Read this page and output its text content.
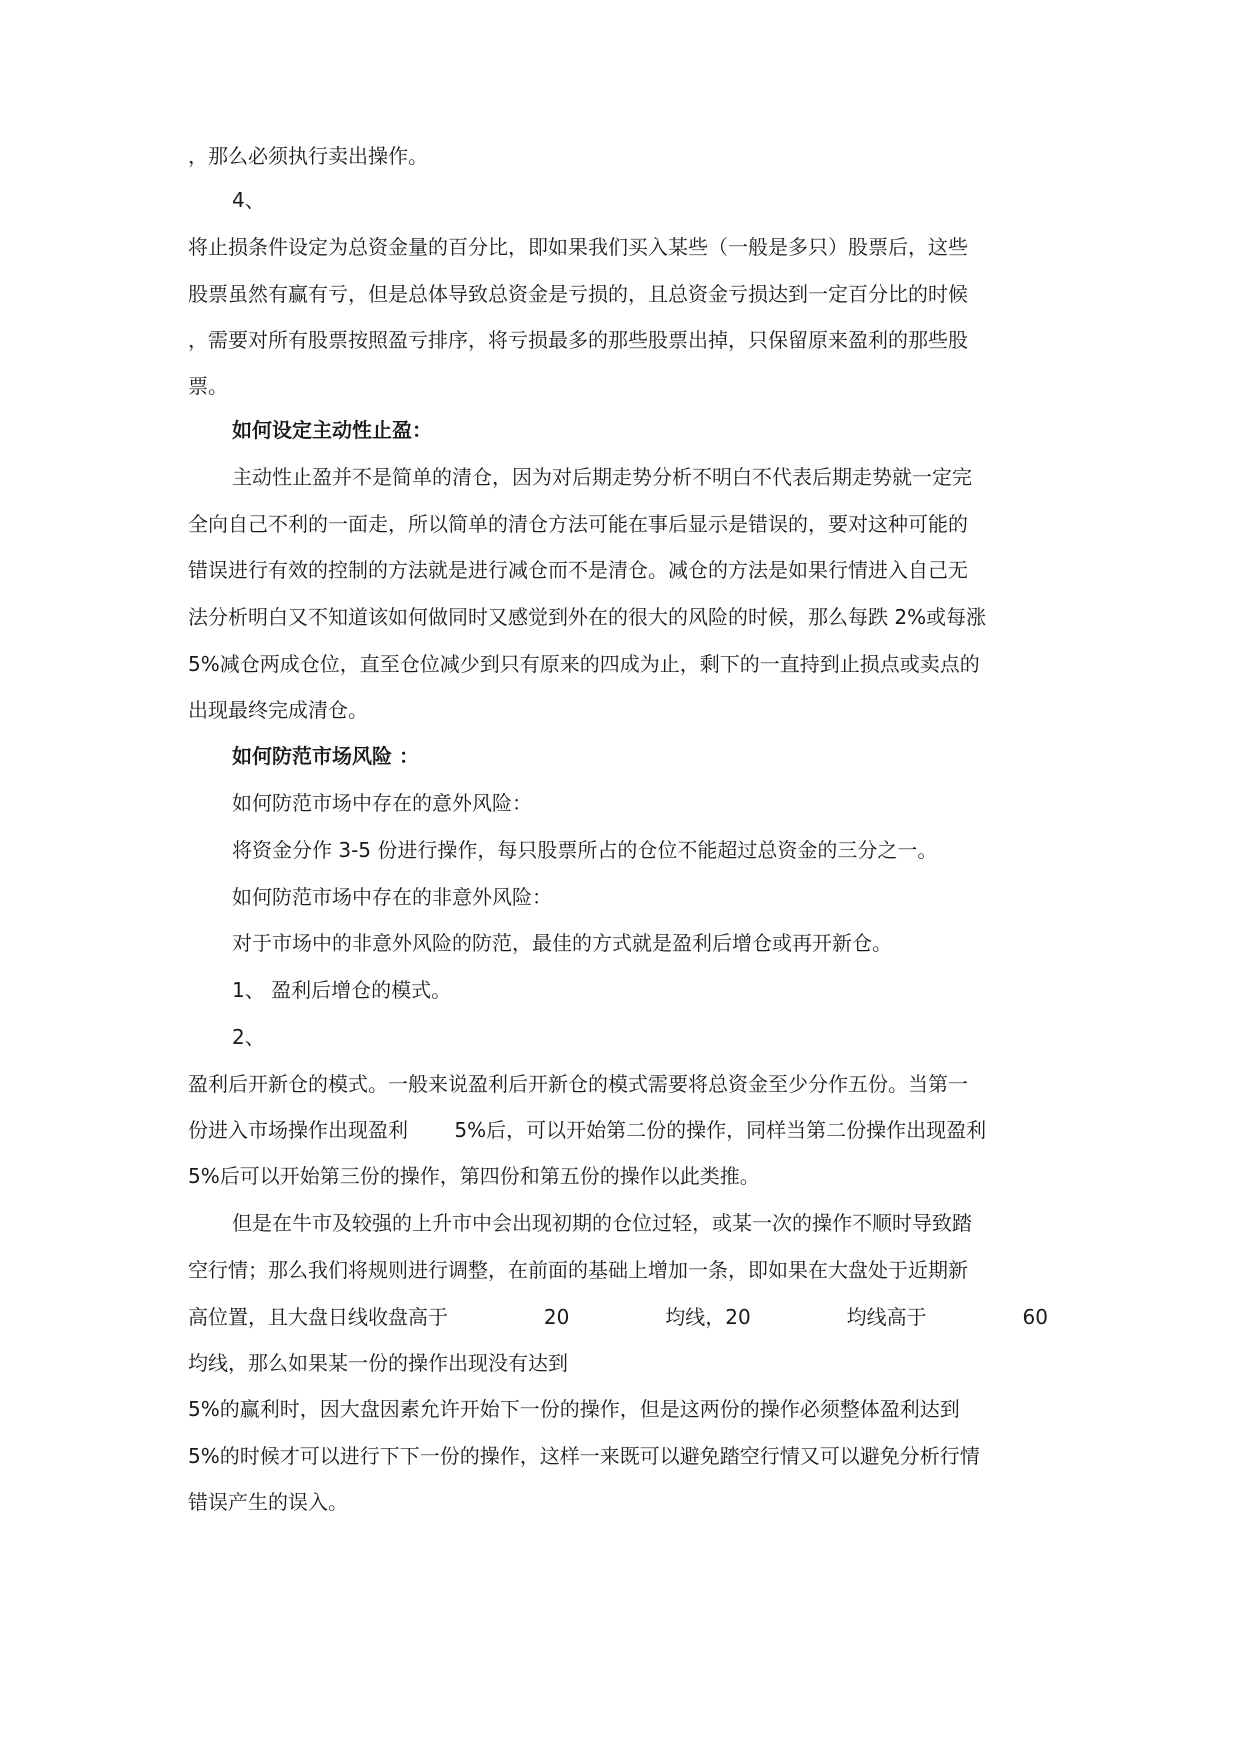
，那么必须执行卖出操作。

4、

将止损条件设定为总资金量的百分比，即如果我们买入某些（一般是多只）股票后，这些

股票虽然有赢有亏，但是总体导致总资金是亏损的，且总资金亏损达到一定百分比的时候

，需要对所有股票按照盈亏排序，将亏损最多的那些股票出掉，只保留原来盈利的那些股

票。

如何设定主动性止盈：

主动性止盈并不是简单的清仓，因为对后期走势分析不明白不代表后期走势就一定完

全向自己不利的一面走，所以简单的清仓方法可能在事后显示是错误的，要对这种可能的

错误进行有效的控制的方法就是进行减仓而不是清仓。减仓的方法是如果行情进入自己无

法分析明白又不知道该如何做同时又感觉到外在的很大的风险的时候，那么每跌 2%或每涨

5%减仓两成仓位，直至仓位减少到只有原来的四成为止，剩下的一直持到止损点或卖点的

出现最终完成清仓。

如何防范市场风险 ：

如何防范市场中存在的意外风险：

将资金分作 3-5 份进行操作，每只股票所占的仓位不能超过总资金的三分之一。

如何防范市场中存在的非意外风险：

对于市场中的非意外风险的防范，最佳的方式就是盈利后增仓或再开新仓。

1、 盈利后增仓的模式。

2、

盈利后开新仓的模式。一般来说盈利后开新仓的模式需要将总资金至少分作五份。当第一

份进入市场操作出现盈利　　 5%后，可以开始第二份的操作，同样当第二份操作出现盈利

5%后可以开始第三份的操作，第四份和第五份的操作以此类推。

但是在牛市及较强的上升市中会出现初期的仓位过轻，或某一次的操作不顺时导致踏

空行情；那么我们将规则进行调整，在前面的基础上增加一条，即如果在大盘处于近期新

高位置，且大盘日线收盘高于	20	均线，20	均线高于	60

均线，那么如果某一份的操作出现没有达到

5%的赢利时，因大盘因素允许开始下一份的操作，但是这两份的操作必须整体盈利达到

5%的时候才可以进行下下一份的操作，这样一来既可以避免踏空行情又可以避免分析行情

错误产生的误入。
